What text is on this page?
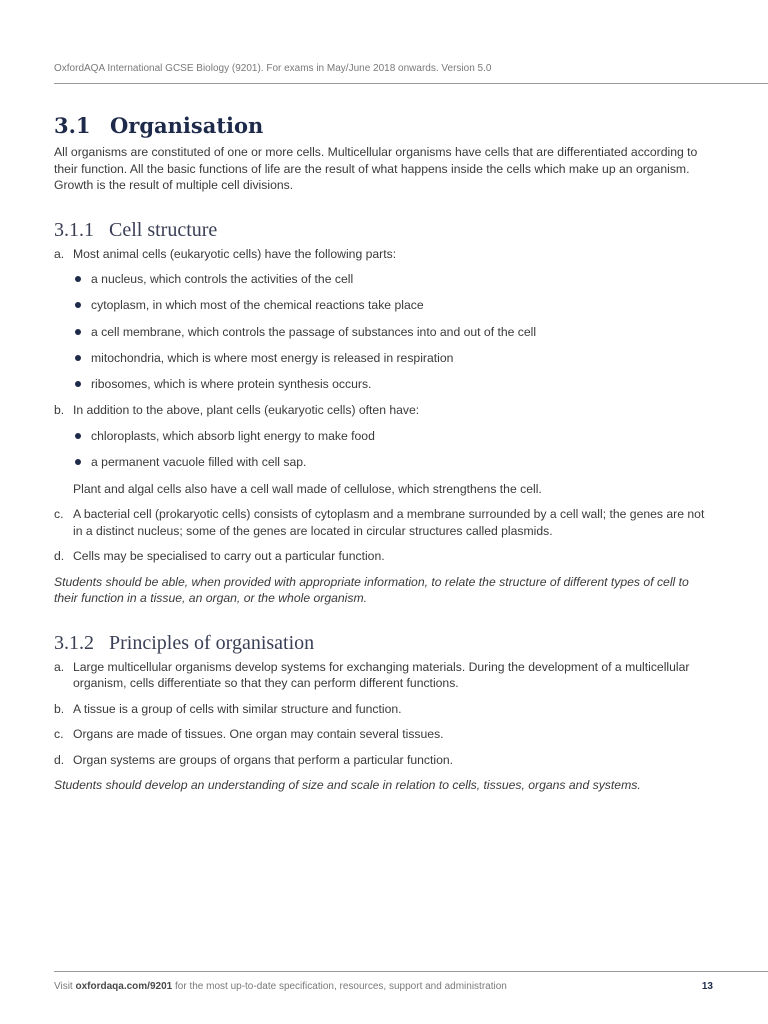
OxfordAQA International GCSE Biology (9201). For exams in May/June 2018 onwards. Version 5.0
3.1 Organisation

All organisms are constituted of one or more cells. Multicellular organisms have cells that are differentiated according to their function. All the basic functions of life are the result of what happens inside the cells which make up an organism. Growth is the result of multiple cell divisions.

3.1.1 Cell structure
a. Most animal cells (eukaryotic cells) have the following parts:
a nucleus, which controls the activities of the cell
cytoplasm, in which most of the chemical reactions take place
a cell membrane, which controls the passage of substances into and out of the cell
mitochondria, which is where most energy is released in respiration
ribosomes, which is where protein synthesis occurs.
b. In addition to the above, plant cells (eukaryotic cells) often have:
chloroplasts, which absorb light energy to make food
a permanent vacuole filled with cell sap.
Plant and algal cells also have a cell wall made of cellulose, which strengthens the cell.
c. A bacterial cell (prokaryotic cells) consists of cytoplasm and a membrane surrounded by a cell wall; the genes are not in a distinct nucleus; some of the genes are located in circular structures called plasmids.
d. Cells may be specialised to carry out a particular function.

Students should be able, when provided with appropriate information, to relate the structure of different types of cell to their function in a tissue, an organ, or the whole organism.

3.1.2 Principles of organisation
a. Large multicellular organisms develop systems for exchanging materials. During the development of a multicellular organism, cells differentiate so that they can perform different functions.
b. A tissue is a group of cells with similar structure and function.
c. Organs are made of tissues. One organ may contain several tissues.
d. Organ systems are groups of organs that perform a particular function.

Students should develop an understanding of size and scale in relation to cells, tissues, organs and systems.

Visit oxfordaqa.com/9201 for the most up-to-date specification, resources, support and administration	13
